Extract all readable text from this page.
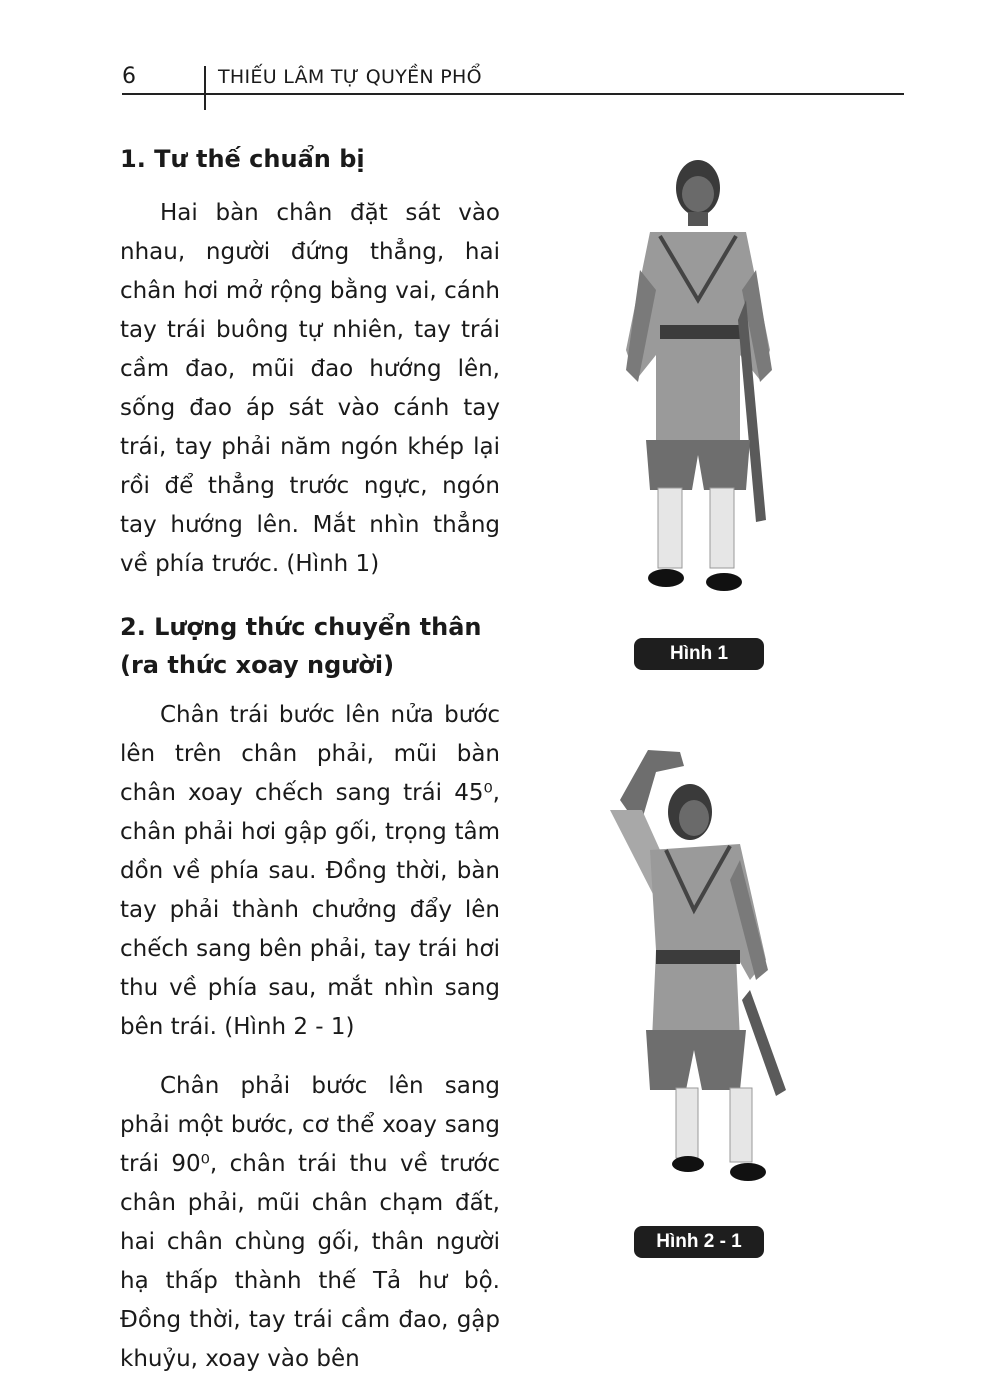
6	THIẾU LÂM TỰ QUYỀN PHỔ
1. Tư thế chuẩn bị

Hai bàn chân đặt sát vào nhau, người đứng thẳng, hai chân hơi mở rộng bằng vai, cánh tay trái buông tự nhiên, tay trái cầm đao, mũi đao hướng lên, sống đao áp sát vào cánh tay trái, tay phải năm ngón khép lại rồi để thẳng trước ngực, ngón tay hướng lên. Mắt nhìn thẳng về phía trước. (Hình 1)

2. Lượng thức chuyển thân (ra thức xoay người)

Chân trái bước lên nửa bước lên trên chân phải, mũi bàn chân xoay chếch sang trái 45⁰, chân phải hơi gập gối, trọng tâm dồn về phía sau. Đồng thời, bàn tay phải thành chưởng đẩy lên chếch sang bên phải, tay trái hơi thu về phía sau, mắt nhìn sang bên trái. (Hình 2 - 1)

Chân phải bước lên sang phải một bước, cơ thể xoay sang trái 90⁰, chân trái thu về trước chân phải, mũi chân chạm đất, hai chân chùng gối, thân người hạ thấp thành thế Tả hư bộ. Đồng thời, tay trái cầm đao, gập khuỷu, xoay vào bên

Hình 1
Hình 2 - 1
